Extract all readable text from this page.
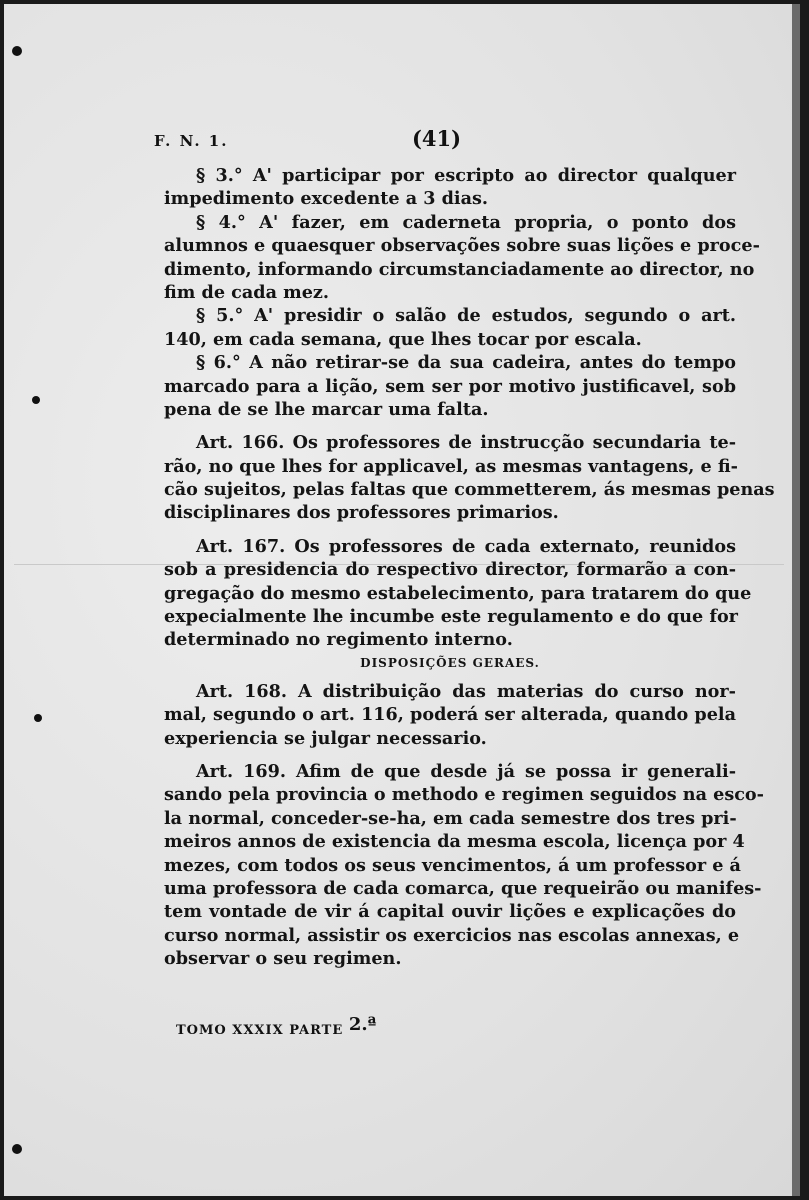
F. N. 1.	(41)
§ 3.° A' participar por escripto ao director qualquer
impedimento excedente a 3 dias.
§ 4.° A' fazer, em caderneta propria, o ponto dos
alumnos e quaesquer observações sobre suas lições e proce-
dimento, informando circumstanciadamente ao director, no
fim de cada mez.
§ 5.° A' presidir o salão de estudos, segundo o art.
140, em cada semana, que lhes tocar por escala.
§ 6.° A não retirar-se da sua cadeira, antes do tempo
marcado para a lição, sem ser por motivo justificavel, sob
pena de se lhe marcar uma falta.
Art. 166. Os professores de instrucção secundaria te-
rão, no que lhes for applicavel, as mesmas vantagens, e fi-
cão sujeitos, pelas faltas que commetterem, ás mesmas penas
disciplinares dos professores primarios.
Art. 167. Os professores de cada externato, reunidos
sob a presidencia do respectivo director, formarão a con-
gregação do mesmo estabelecimento, para tratarem do que
expecialmente lhe incumbe este regulamento e do que for
determinado no regimento interno.
DISPOSIÇÕES GERAES.
Art. 168. A distribuição das materias do curso nor-
mal, segundo o art. 116, poderá ser alterada, quando pela
experiencia se julgar necessario.
Art. 169. Afim de que desde já se possa ir generali-
sando pela provincia o methodo e regimen seguidos na esco-
la normal, conceder-se-ha, em cada semestre dos tres pri-
meiros annos de existencia da mesma escola, licença por 4
mezes, com todos os seus vencimentos, á um professor e á
uma professora de cada comarca, que requeirão ou manifes-
tem vontade de vir á capital ouvir lições e explicações do
curso normal, assistir os exercicios nas escolas annexas, e
observar o seu regimen.
TOMO XXXIX PARTE 2.ª
